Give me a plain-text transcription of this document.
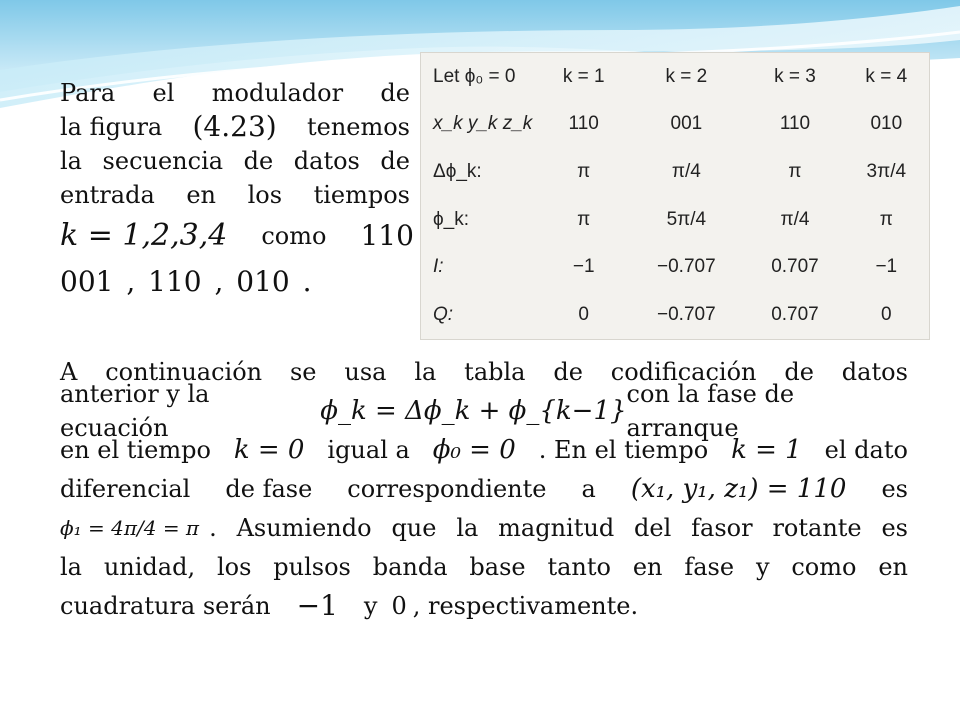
Para el modulador de
la figura (4.23) tenemos
la secuencia de datos de
entrada en los tiempos
k = 1,2,3,4 como 110
001 , 110 , 010 .
Let ϕ₀ = 0	k = 1	k = 2	k = 3	k = 4
x_k y_k z_k	110	001	110	010
Δϕ_k:	π	π/4	π	3π/4
ϕ_k:	π	5π/4	π/4	π
I:	−1	−0.707	0.707	−1
Q:	0	−0.707	0.707	0
A continuación se usa la tabla de codificación de datos
anterior y la ecuación
ϕ_k = Δϕ_k + ϕ_{k−1}
con la fase de arranque
en el tiempo k = 0 igual a ϕ₀ = 0 . En el tiempo k = 1 el dato
diferencial de fase correspondiente a (x₁, y₁, z₁) = 110 es
ϕ₁ = 4π/4 = π . Asumiendo que la magnitud del fasor rotante es
la unidad, los pulsos banda base tanto en fase y como en
cuadratura serán −1 y 0 , respectivamente.
